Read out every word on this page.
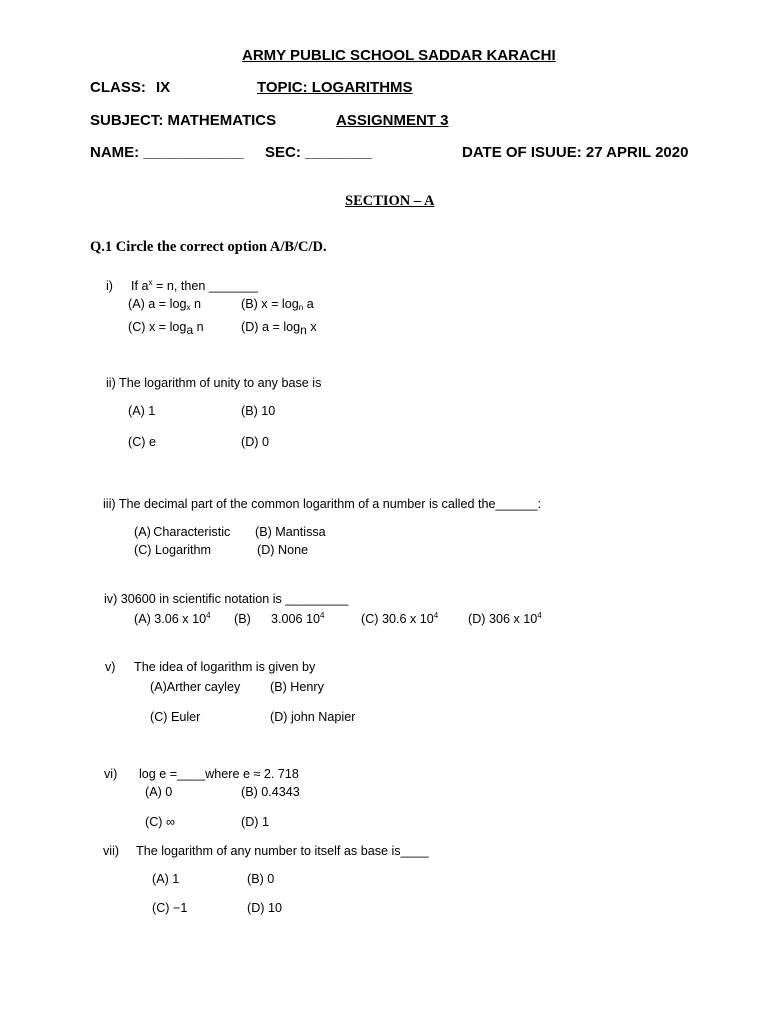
ARMY PUBLIC SCHOOL SADDAR KARACHI
CLASS: IX	TOPIC: LOGARITHMS
SUBJECT: MATHEMATICS	ASSIGNMENT 3
NAME: ____________ SEC: ________	DATE OF ISUUE: 27 APRIL 2020
SECTION – A
Q.1 Circle the correct option A/B/C/D.
i) If $a^x = n$, then _______
(A) $a = \log_x n$	(B) $x = \log_n a$
(C) $x = \log_a n$	(D) $a = \log_n x$
ii) The logarithm of unity to any base is
(A) 1	(B) 10
(C) e	(D) 0
iii) The decimal part of the common logarithm of a number is called the______:
(A) Characteristic (B) Mantissa
(C) Logarithm	(D) None
iv) 30600 in scientific notation is _________
(A) 3.06 x $10^4$ (B) 3.006 $10^4$	(C) 30.6 x $10^4$ (D) 306 x $10^4$
v) The idea of logarithm is given by
(A)Arther cayley (B) Henry
(C) Euler	(D) john Napier
vi) log e =____where e ≈ 2. 718
(A) 0	(B) 0.4343
(C) ∞	(D) 1
vii) The logarithm of any number to itself as base is____
(A) 1	(B) 0
(C) −1	(D) 10
